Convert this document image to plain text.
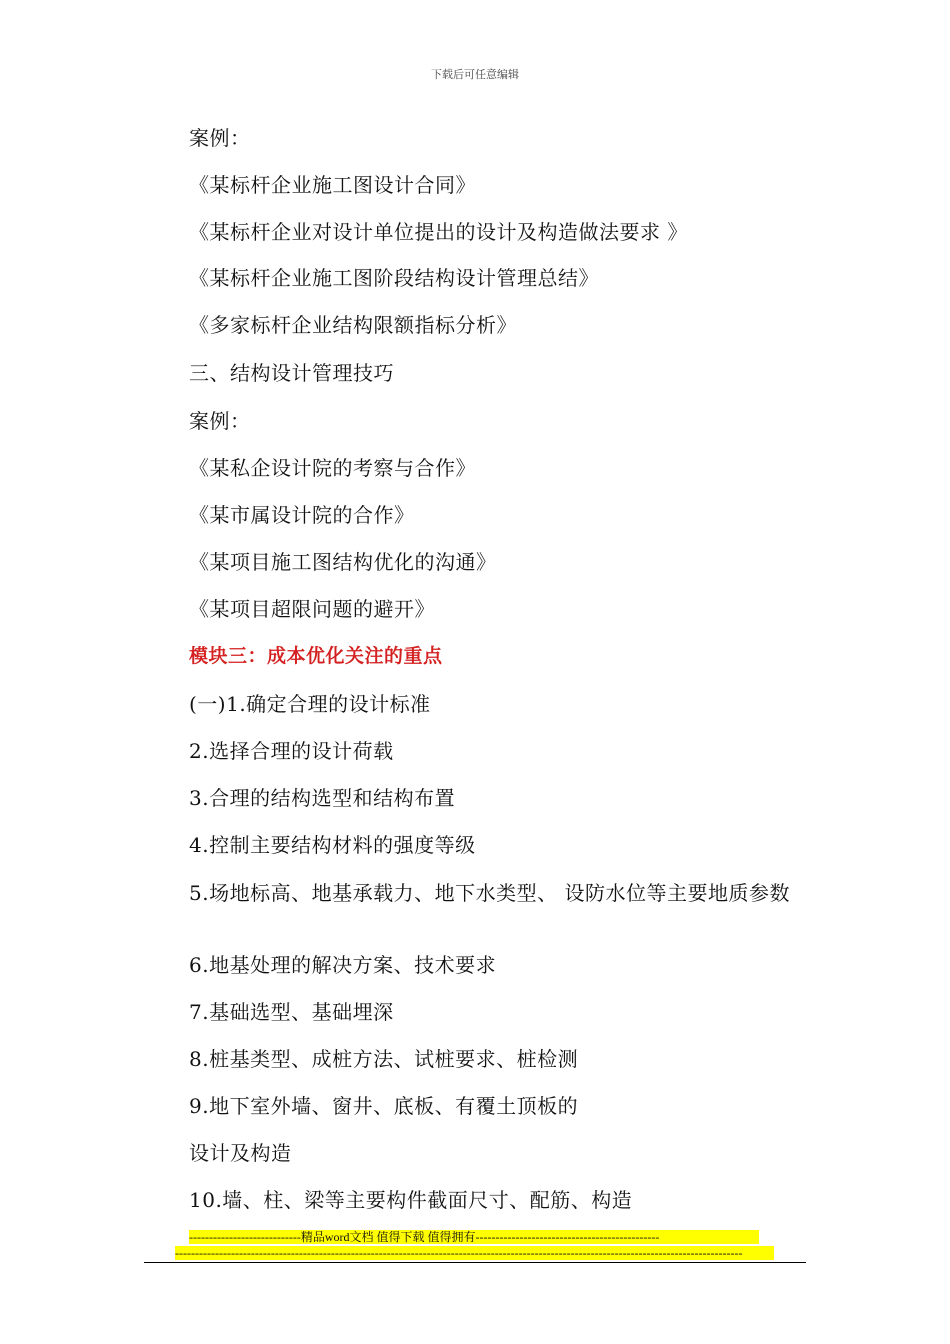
下载后可任意编辑
案例：
《某标杆企业施工图设计合同》
《某标杆企业对设计单位提出的设计及构造做法要求 》
《某标杆企业施工图阶段结构设计管理总结》
《多家标杆企业结构限额指标分析》
三、结构设计管理技巧
案例：
《某私企设计院的考察与合作》
《某市属设计院的合作》
《某项目施工图结构优化的沟通》
《某项目超限问题的避开》
模块三：成本优化关注的重点
(一)1.确定合理的设计标准
2.选择合理的设计荷载
3.合理的结构选型和结构布置
4.控制主要结构材料的强度等级
5.场地标高、地基承载力、地下水类型、 设防水位等主要地质参数
6.地基处理的解决方案、技术要求
7.基础选型、基础埋深
8.桩基类型、成桩方法、试桩要求、桩检测
9.地下室外墙、窗井、底板、有覆土顶板的
设计及构造
10.墙、柱、梁等主要构件截面尺寸、配筋、构造
----------------------------精品word文档 值得下载 值得拥有----------------------------------------------
----------------------------------------------------------------------------------------------------------------------------------------------
